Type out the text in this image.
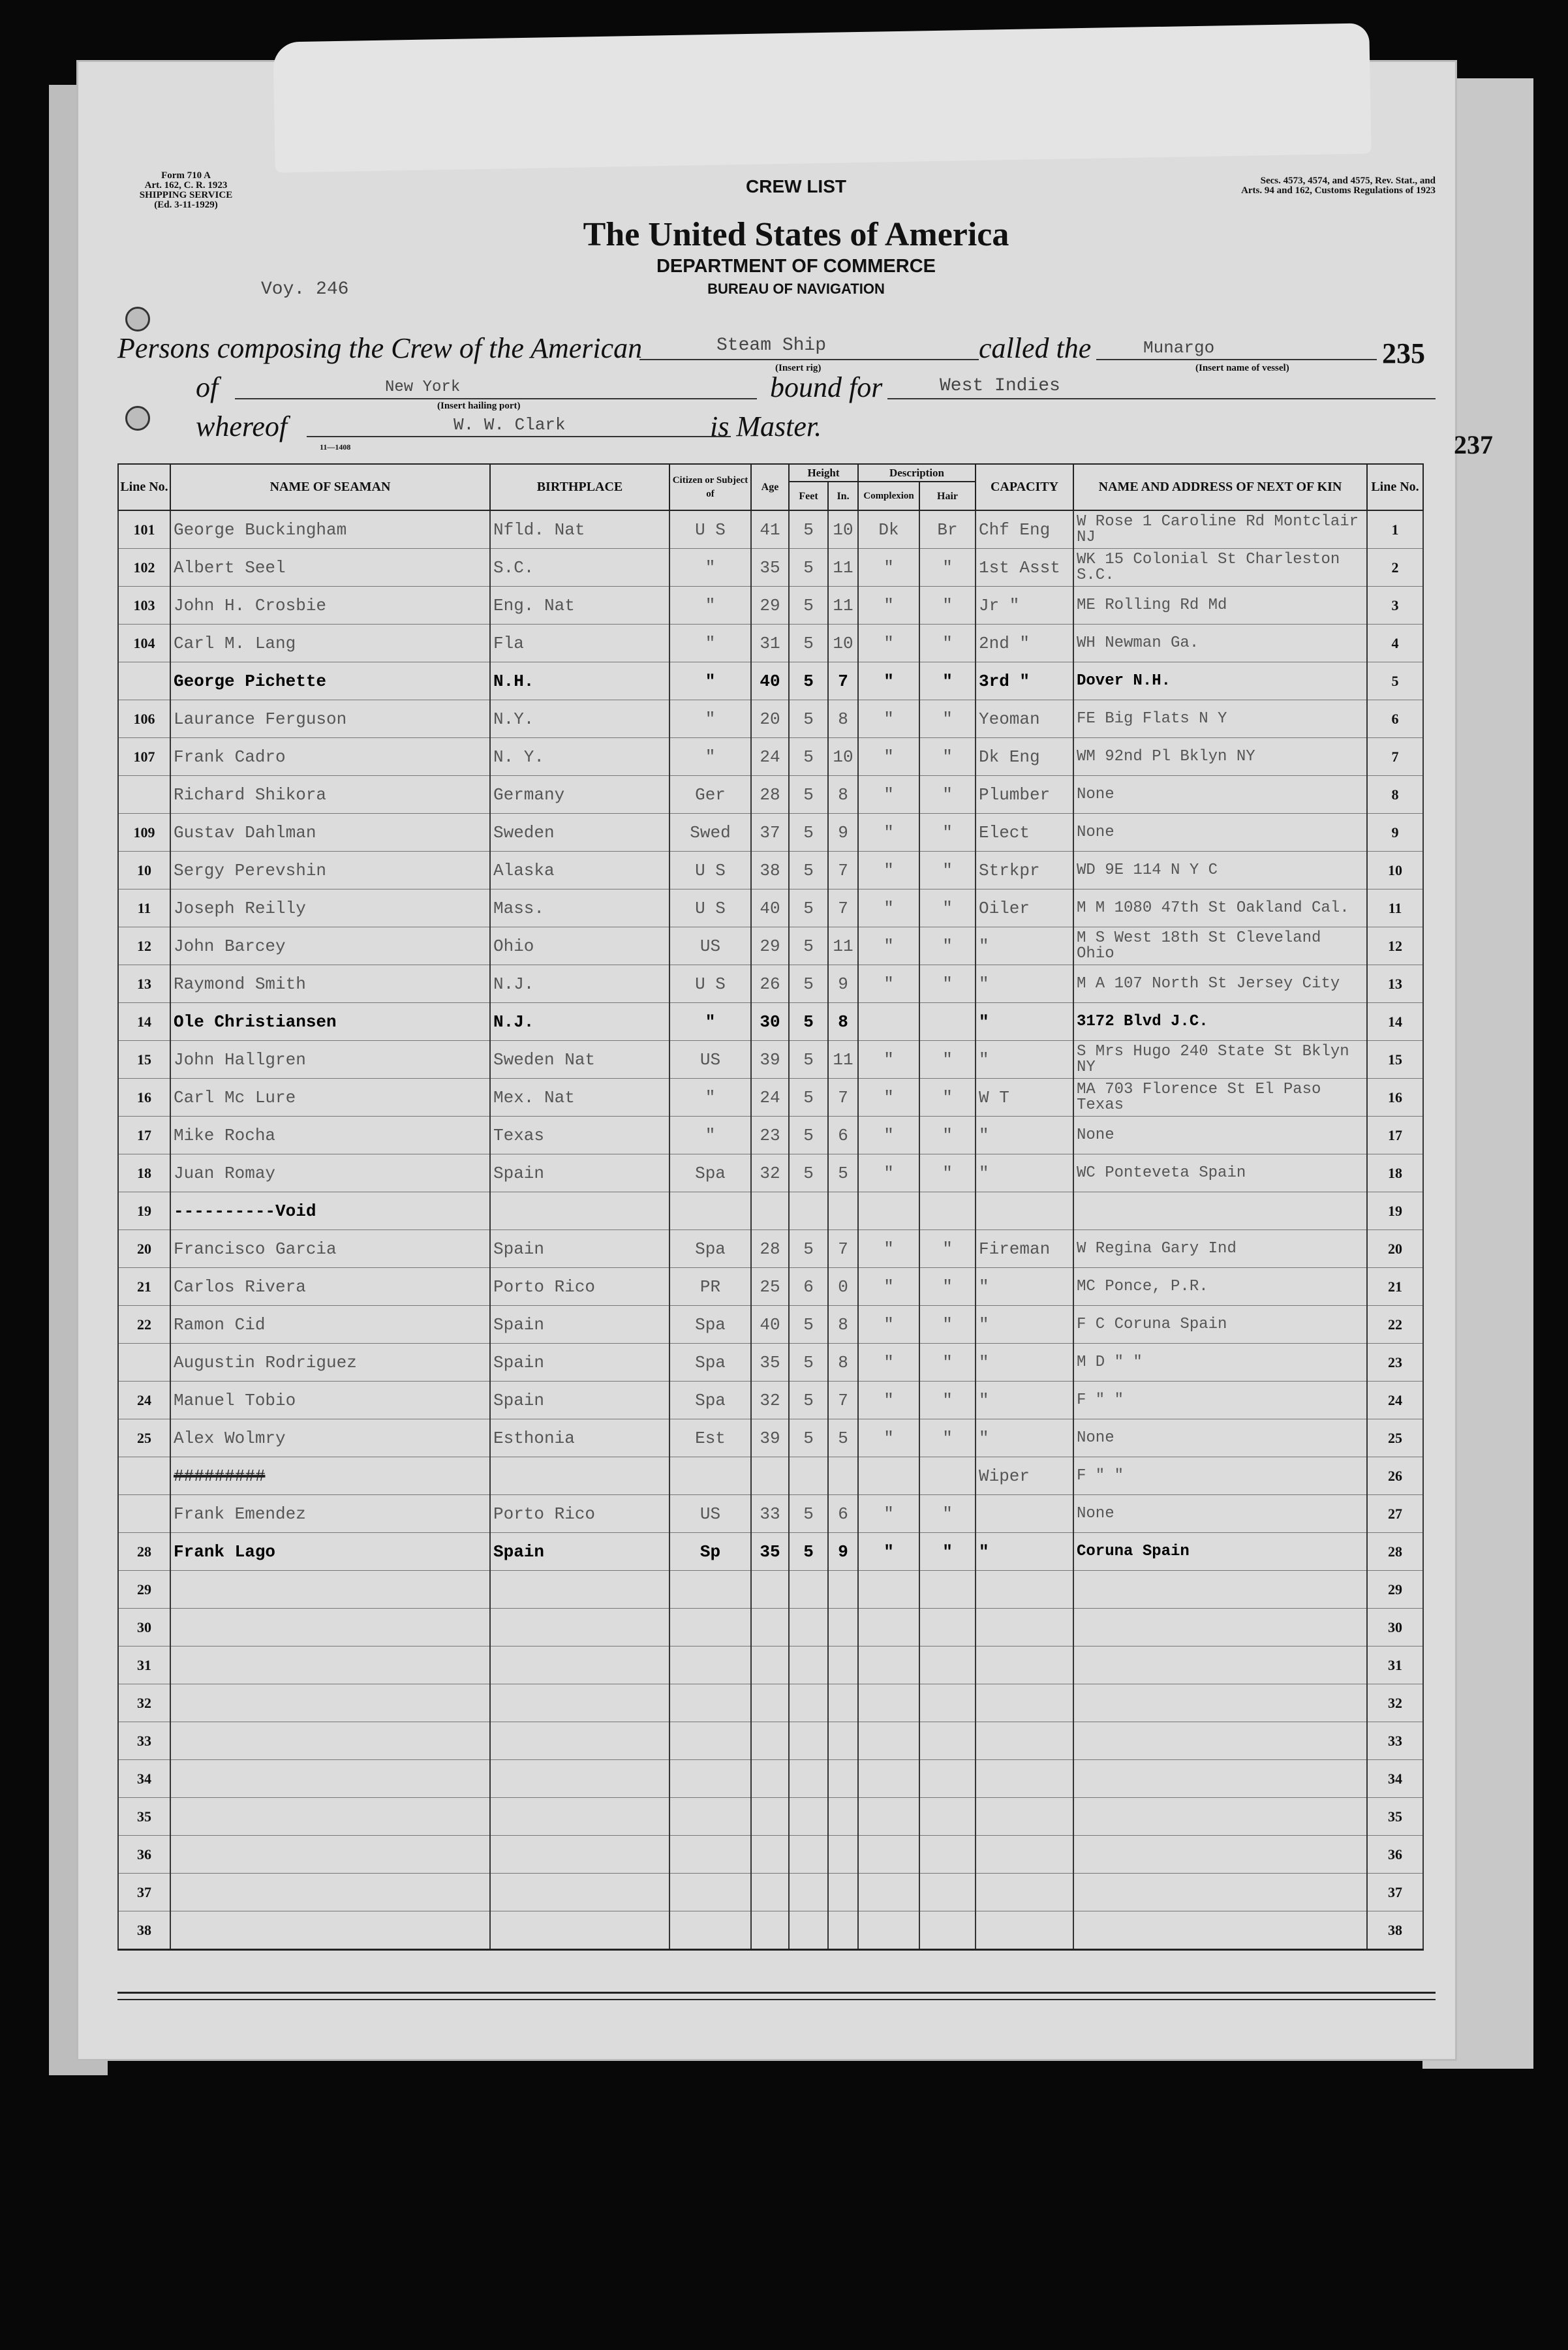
Form 710 A
Art. 162, C. R. 1923
SHIPPING SERVICE
(Ed. 3-11-1929)
Secs. 4573, 4574, and 4575, Rev. Stat., and
Arts. 94 and 162, Customs Regulations of 1923
CREW LIST
The United States of America
DEPARTMENT OF COMMERCE
BUREAU OF NAVIGATION
Voy. 246
Persons composing the Crew of the American	Steam Ship
(Insert rig)
called the	Munargo
(Insert name of vessel)	235
of	New York
(Insert hailing port)
bound for	West Indies
whereof	W. W. Clark	is Master.
11—1408	237
Line No.	NAME OF SEAMAN	BIRTHPLACE	Citizen or Subject of	Age	Height		Description		CAPACITY	NAME AND ADDRESS OF NEXT OF KIN	Line No.
					Feet	In.	Complexion	Hair			
101	George Buckingham	Nfld. Nat	U S	41	5	10	Dk	Br	Chf Eng	W Rose 1 Caroline Rd Montclair NJ	1
102	Albert Seel	S.C.	"	35	5	11	"	"	1st Asst	WK 15 Colonial St Charleston S.C.	2
103	John H. Crosbie	Eng. Nat	"	29	5	11	"	"	Jr "	ME Rolling Rd Md	3
104	Carl M. Lang	Fla	"	31	5	10	"	"	2nd "	WH Newman Ga.	4
	George Pichette	N.H.	"	40	5	7	"	"	3rd "	Dover N.H.	5
106	Laurance Ferguson	N.Y.	"	20	5	8	"	"	Yeoman	FE Big Flats N Y	6
107	Frank Cadro	N. Y.	"	24	5	10	"	"	Dk Eng	WM 92nd Pl Bklyn NY	7
	Richard Shikora	Germany	Ger	28	5	8	"	"	Plumber	None	8
109	Gustav Dahlman	Sweden	Swed	37	5	9	"	"	Elect	None	9
10	Sergy Perevshin	Alaska	U S	38	5	7	"	"	Strkpr	WD 9E 114 N Y C	10
11	Joseph Reilly	Mass.	U S	40	5	7	"	"	Oiler	M M 1080 47th St Oakland Cal.	11
12	John Barcey	Ohio	US	29	5	11	"	"	"	M S West 18th St Cleveland Ohio	12
13	Raymond Smith	N.J.	U S	26	5	9	"	"	"	M A 107 North St Jersey City	13
14	Ole Christiansen	N.J.	"	30	5	8			"	3172 Blvd J.C.	14
15	John Hallgren	Sweden Nat	US	39	5	11	"	"	"	S Mrs Hugo 240 State St Bklyn NY	15
16	Carl Mc Lure	Mex. Nat	"	24	5	7	"	"	W T	MA 703 Florence St El Paso Texas	16
17	Mike Rocha	Texas	"	23	5	6	"	"	"	None	17
18	Juan Romay	Spain	Spa	32	5	5	"	"	"	WC Ponteveta Spain	18
19	----------Void										19
20	Francisco Garcia	Spain	Spa	28	5	7	"	"	Fireman	W Regina Gary Ind	20
21	Carlos Rivera	Porto Rico	PR	25	6	0	"	"	"	MC Ponce, P.R.	21
22	Ramon Cid	Spain	Spa	40	5	8	"	"	"	F C Coruna Spain	22
	Augustin Rodriguez	Spain	Spa	35	5	8	"	"	"	M D " "	23
24	Manuel Tobio	Spain	Spa	32	5	7	"	"	"	F " "	24
25	Alex Wolmry	Esthonia	Est	39	5	5	"	"	"	None	25
	#########								Wiper	F " "	26
	Frank Emendez	Porto Rico	US	33	5	6	"	"		None	27
28	Frank Lago	Spain	Sp	35	5	9	"	"	"	Coruna Spain	28
29											29
30											30
31											31
32											32
33											33
34											34
35											35
36											36
37											37
38											38
